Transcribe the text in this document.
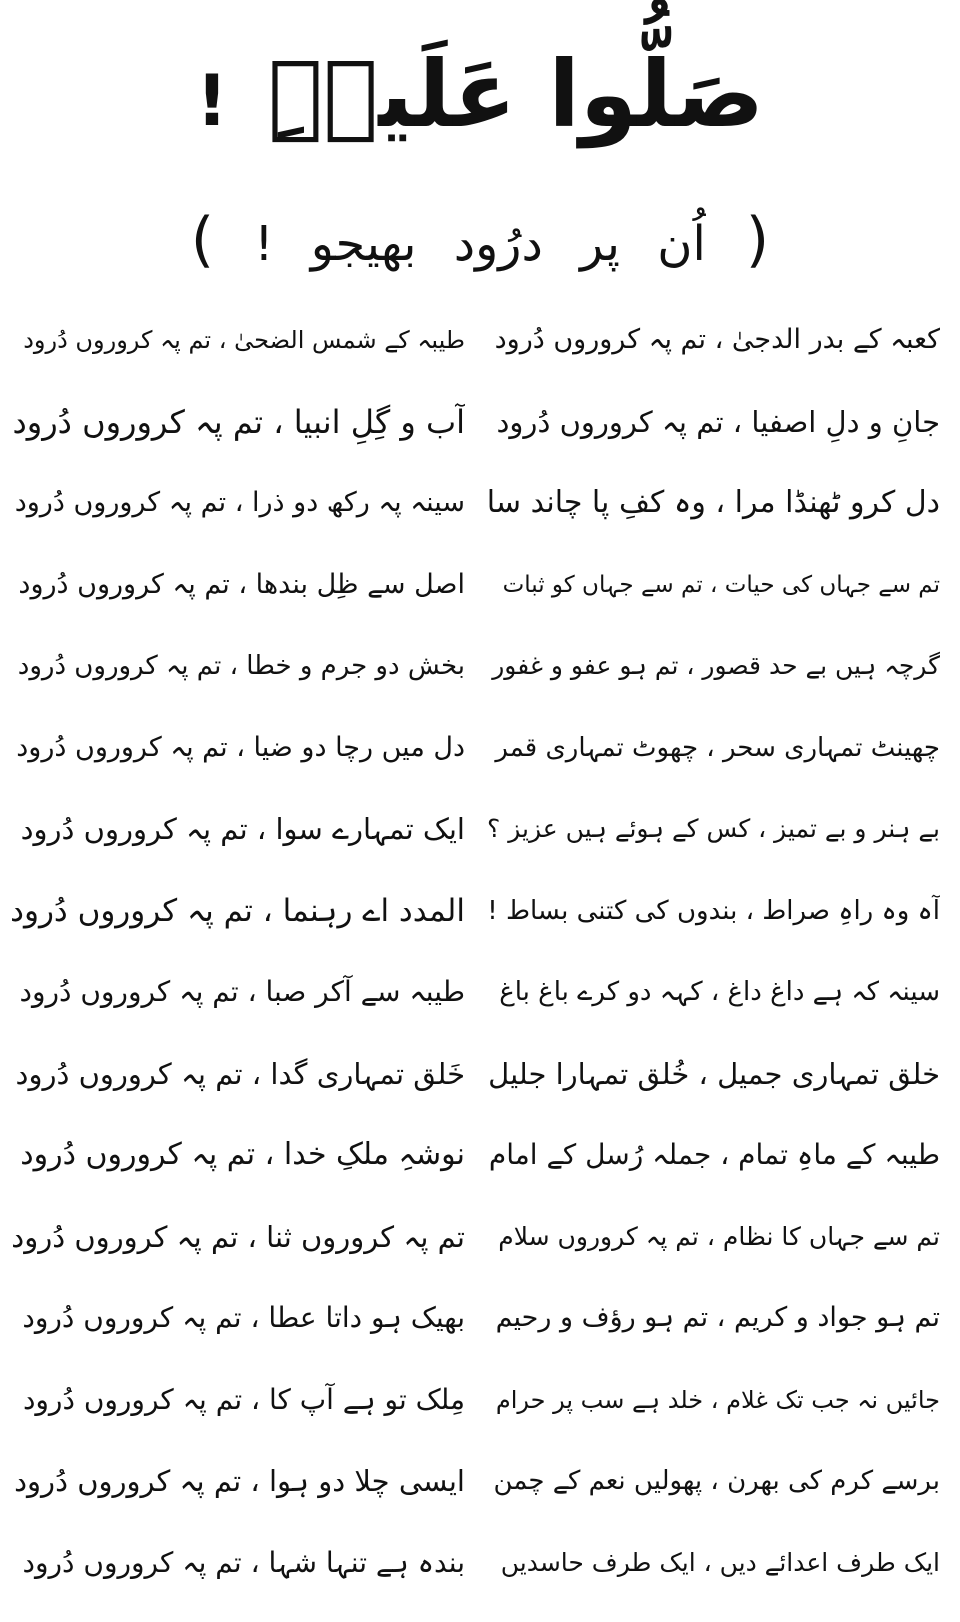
صَلُّوا عَلَیۡہِ!
(اُن پر درُود بھیجو !)
کعبہ کے بدر الدجیٰ ، تم پہ کروروں دُرود
طیبہ کے شمس الضحیٰ ، تم پہ کروروں دُرود
جانِ و دلِ اصفیا ، تم پہ کروروں دُرود
آب و گِلِ انبیا ، تم پہ کروروں دُرود
دل کرو ٹھنڈا مرا ، وہ کفِ پا چاند سا
سینہ پہ رکھ دو ذرا ، تم پہ کروروں دُرود
تم سے جہاں کی حیات ، تم سے جہاں کو ثبات
اصل سے ظِل بندھا ، تم پہ کروروں دُرود
گرچہ ہیں بے حد قصور ، تم ہو عفو و غفور
بخش دو جرم و خطا ، تم پہ کروروں دُرود
چھینٹ تمہاری سحر ، چھوٹ تمہاری قمر
دل میں رچا دو ضیا ، تم پہ کروروں دُرود
بے ہنر و بے تمیز ، کس کے ہوئے ہیں عزیز ؟
ایک تمہارے سوا ، تم پہ کروروں دُرود
آہ وہ راہِ صراط ، بندوں کی کتنی بساط !
المدد اے رہنما ، تم پہ کروروں دُرود
سینہ کہ ہے داغ داغ ، کہہ دو کرے باغ باغ
طیبہ سے آکر صبا ، تم پہ کروروں دُرود
خلق تمہاری جمیل ، خُلق تمہارا جلیل
خَلق تمہاری گدا ، تم پہ کروروں دُرود
طیبہ کے ماہِ تمام ، جملہ رُسل کے امام
نوشہِ ملکِ خدا ، تم پہ کروروں دُرود
تم سے جہاں کا نظام ، تم پہ کروروں سلام
تم پہ کروروں ثنا ، تم پہ کروروں دُرود
تم ہو جواد و کریم ، تم ہو رؤف و رحیم
بھیک ہو داتا عطا ، تم پہ کروروں دُرود
جائیں نہ جب تک غلام ، خلد ہے سب پر حرام
مِلک تو ہے آپ کا ، تم پہ کروروں دُرود
برسے کرم کی بھرن ، پھولیں نعم کے چمن
ایسی چلا دو ہوا ، تم پہ کروروں دُرود
ایک طرف اعدائے دیں ، ایک طرف حاسدیں
بندہ ہے تنہا شہا ، تم پہ کروروں دُرود
